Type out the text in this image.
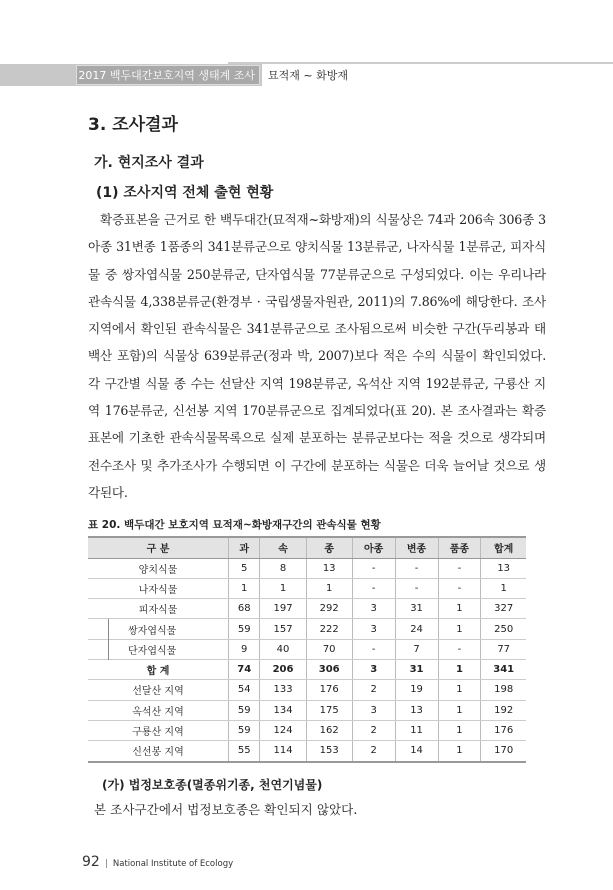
2017 백두대간보호지역 생태계 조사	묘적재 ~ 화방재
3. 조사결과
가. 현지조사 결과
(1) 조사지역 전체 출현 현황
확증표본을 근거로 한 백두대간(묘적재~화방재)의 식물상은 74과 206속 306종 3아종 31변종 1품종의 341분류군으로 양치식물 13분류군, 나자식물 1분류군, 피자식물 중 쌍자엽식물 250분류군, 단자엽식물 77분류군으로 구성되었다. 이는 우리나라 관속식물 4,338분류군(환경부 · 국립생물자원관, 2011)의 7.86%에 해당한다. 조사지역에서 확인된 관속식물은 341분류군으로 조사됨으로써 비슷한 구간(두리봉과 태백산 포함)의 식물상 639분류군(정과 박, 2007)보다 적은 수의 식물이 확인되었다. 각 구간별 식물 종 수는 선달산 지역 198분류군, 옥석산 지역 192분류군, 구룡산 지역 176분류군, 신선봉 지역 170분류군으로 집계되었다(표 20). 본 조사결과는 확증표본에 기초한 관속식물목록으로 실제 분포하는 분류군보다는 적을 것으로 생각되며 전수조사 및 추가조사가 수행되면 이 구간에 분포하는 식물은 더욱 늘어날 것으로 생각된다.
표 20. 백두대간 보호지역 묘적재~화방재구간의 관속식물 현황
구 분	과	속	종	아종	변종	품종	합계
양치식물	5	8	13	-	-	-	13
나자식물	1	1	1	-	-	-	1
피자식물	68	197	292	3	31	1	327
쌍자엽식물	59	157	222	3	24	1	250
단자엽식물	9	40	70	-	7	-	77
합 계	74	206	306	3	31	1	341
선달산 지역	54	133	176	2	19	1	198
옥석산 지역	59	134	175	3	13	1	192
구룡산 지역	59	124	162	2	11	1	176
신선봉 지역	55	114	153	2	14	1	170
(가) 법정보호종(멸종위기종, 천연기념물)
본 조사구간에서 법정보호종은 확인되지 않았다.
92 | National Institute of Ecology
